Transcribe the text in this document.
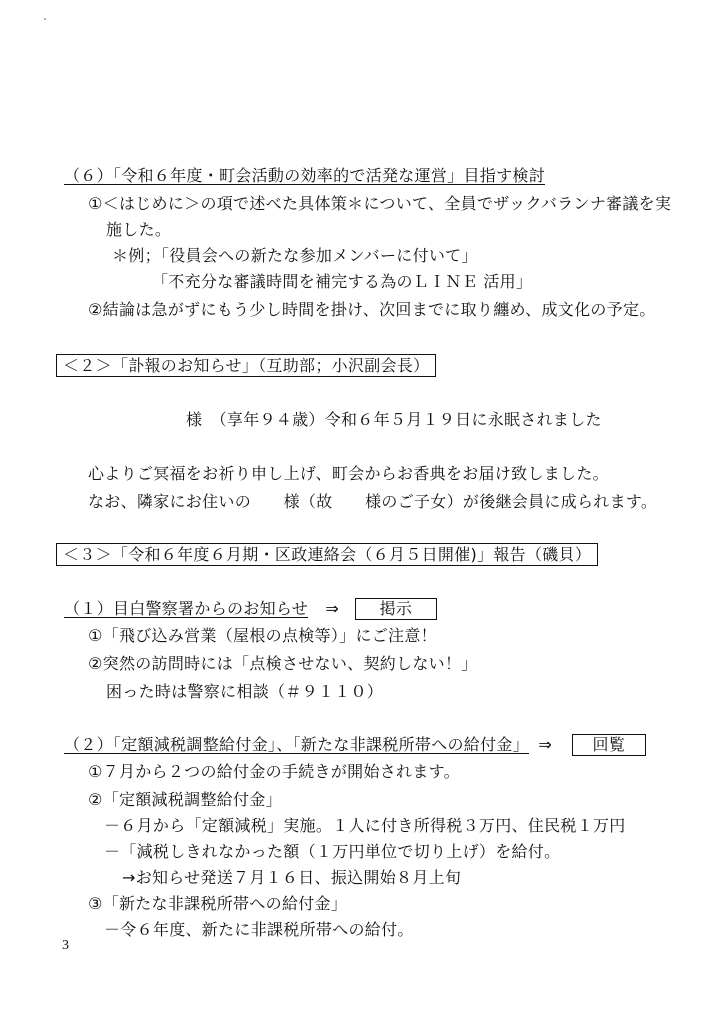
（６）「令和６年度・町会活動の効率的で活発な運営」目指す検討
①＜はじめに＞の項で述べた具体策＊について、全員でザックバランナ審議を実
施した。
＊例；「役員会への新たな参加メンバーに付いて」
「不充分な審議時間を補完する為のＬＩＮＥ 活用」
②結論は急がずにもう少し時間を掛け、次回までに取り纏め、成文化の予定。
＜２＞「訃報のお知らせ」（互助部；小沢副会長）
様　（享年９４歳）令和６年５月１９日に永眠されました
心よりご冥福をお祈り申し上げ、町会からお香典をお届け致しました。
なお、隣家にお住いの　　様（故　　様のご子女）が後継会員に成られます。
＜３＞「令和６年度６月期・区政連絡会（６月５日開催)」報告（磯貝）
（１）目白警察署からのお知らせ ⇒	掲示
①「飛び込み営業（屋根の点検等）」にご注意！
②突然の訪問時には「点検させない、契約しない！」
困った時は警察に相談（＃９１１０）
（２）「定額減税調整給付金」、「新たな非課税所帯への給付金」 ⇒	回覧
①７月から２つの給付金の手続きが開始されます。
②「定額減税調整給付金」
－６月から「定額減税」実施。１人に付き所得税３万円、住民税１万円
－「減税しきれなかった額（１万円単位で切り上げ）を給付。
→お知らせ発送７月１６日、振込開始８月上旬
③「新たな非課税所帯への給付金」
－令６年度、新たに非課税所帯への給付。
3
